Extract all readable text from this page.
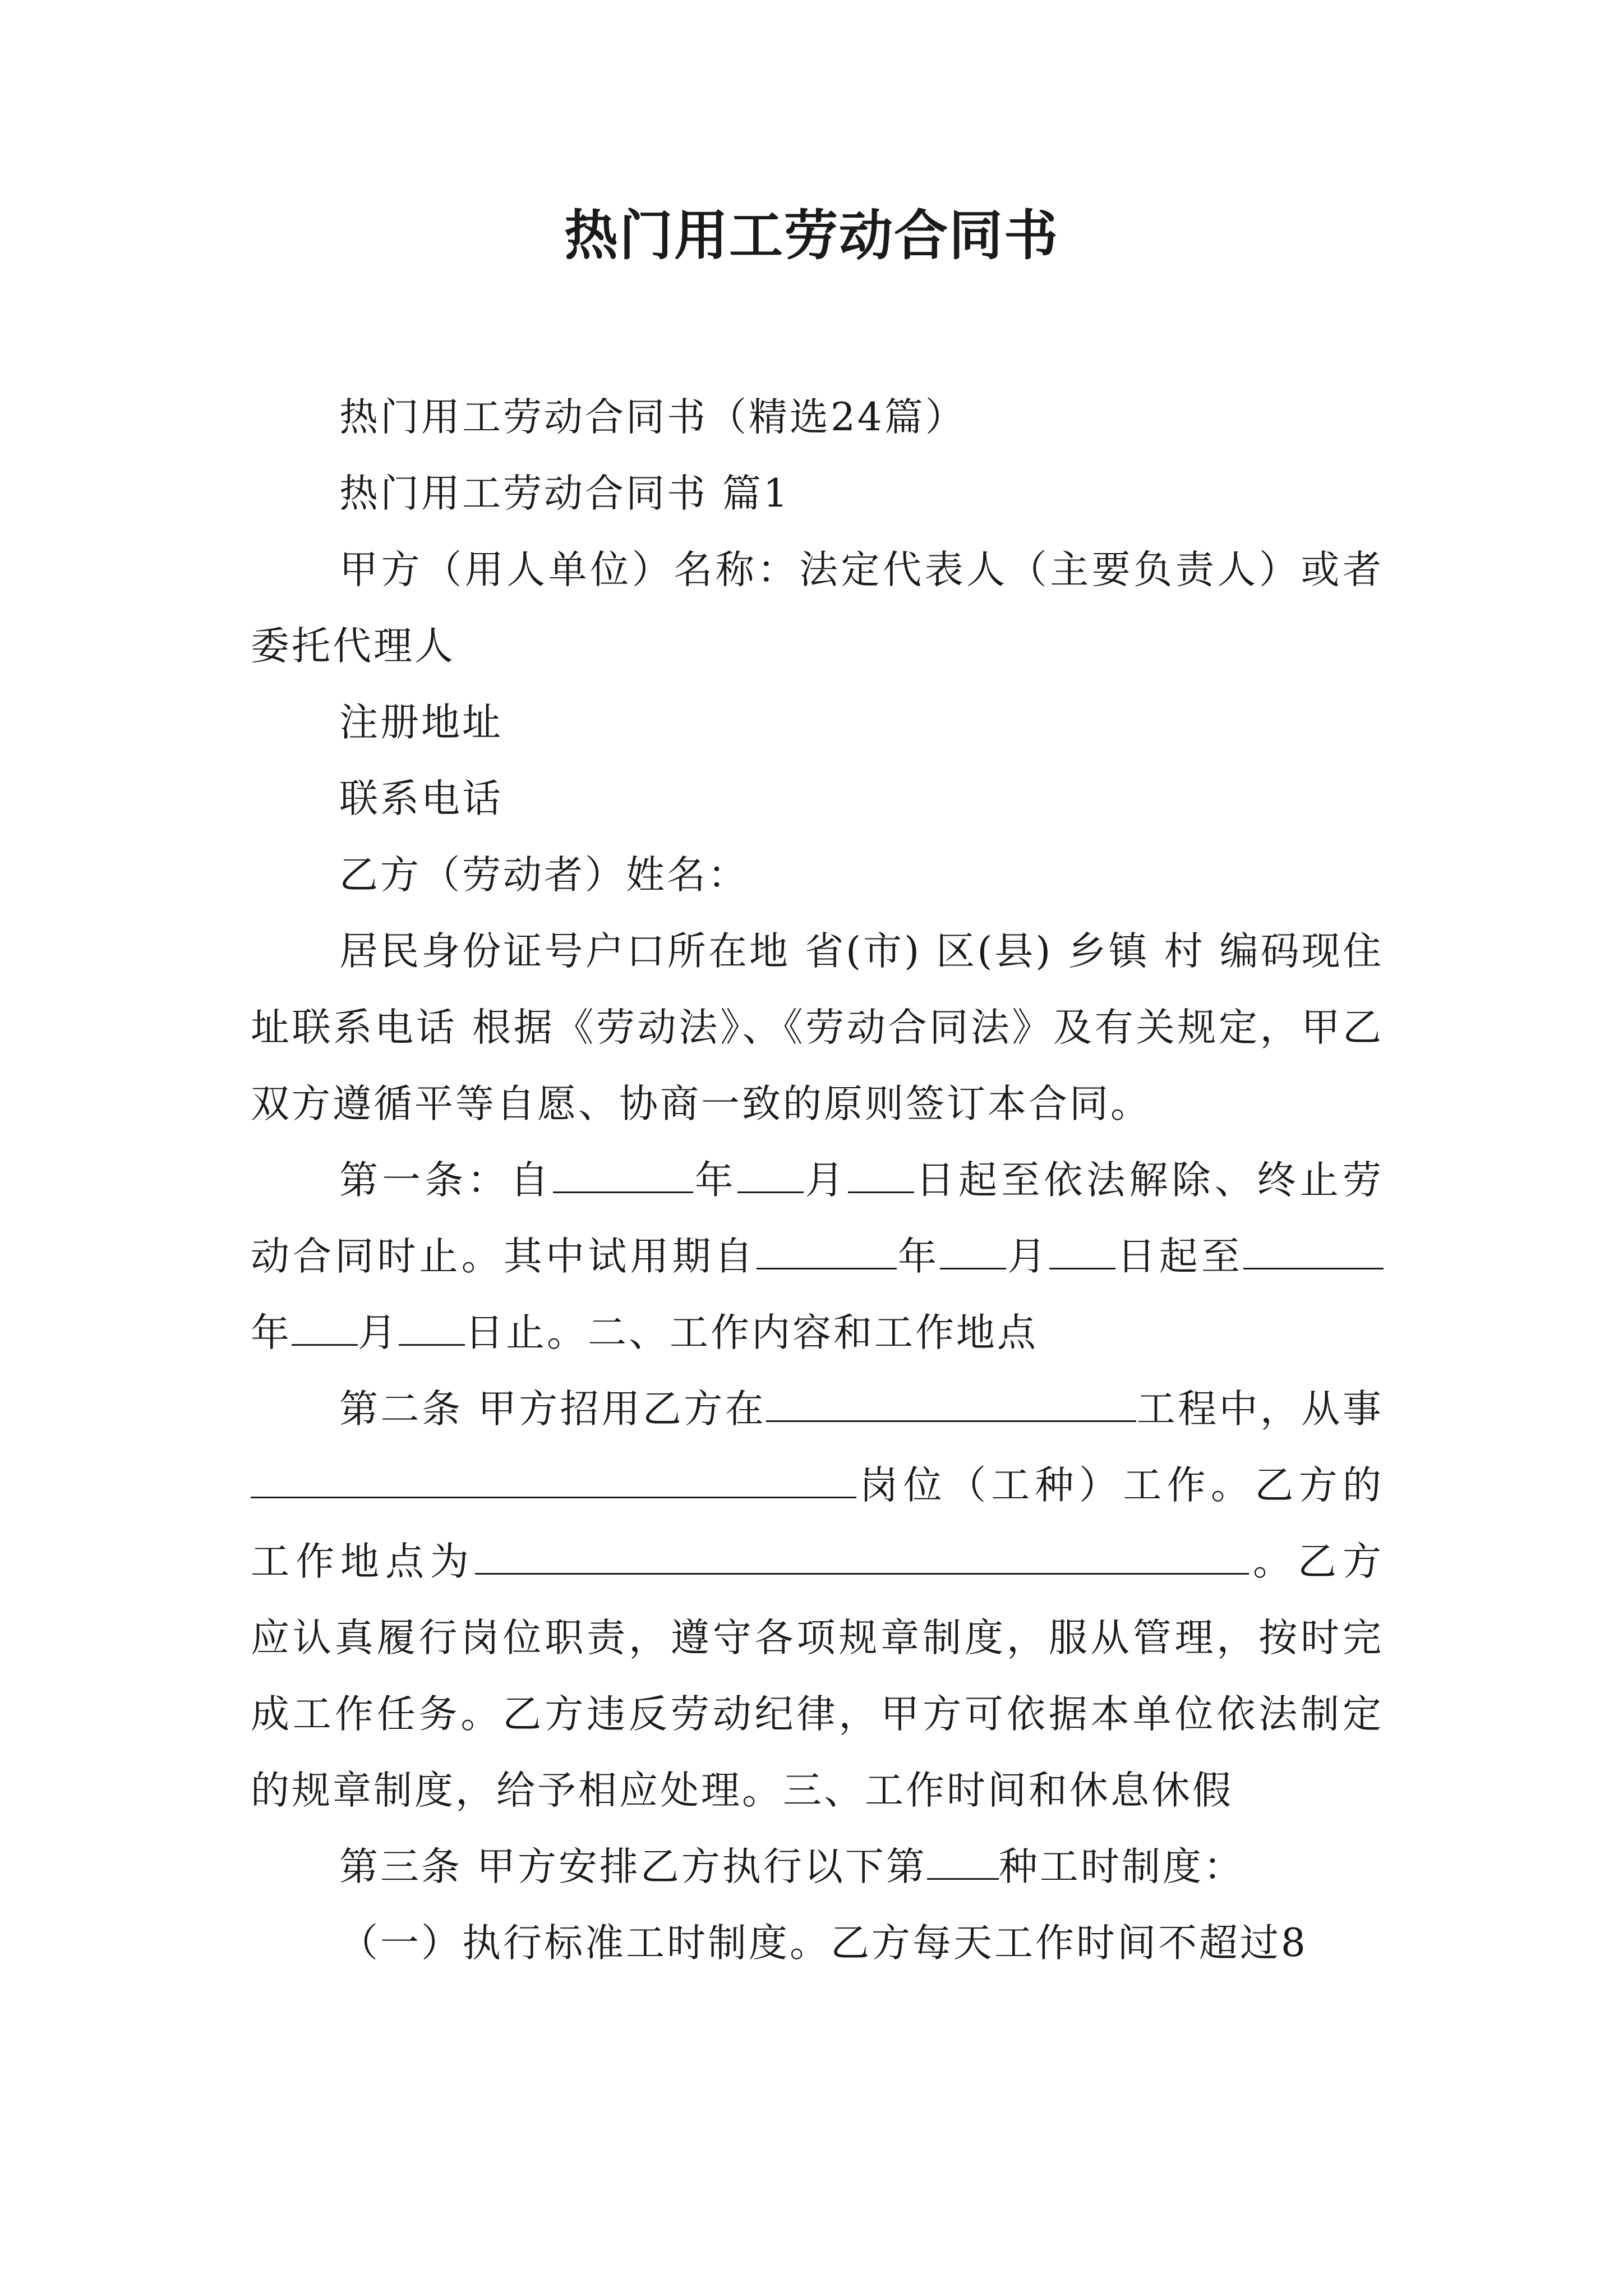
热门用工劳动合同书

热门用工劳动合同书（精选24篇）

热门用工劳动合同书 篇1

甲方（用人单位）名称：法定代表人（主要负责人）或者委托代理人

注册地址

联系电话

乙方（劳动者）姓名：

居民身份证号户口所在地 省(市) 区(县) 乡镇 村 编码现住址联系电话 根据《劳动法》、《劳动合同法》及有关规定，甲乙双方遵循平等自愿、协商一致的原则签订本合同。

第一条：自	年 月 日起至依法解除、终止劳动合同时止。其中试用期自	年 月 日起至年 月 日止。二、工作内容和工作地点

第二条 甲方招用乙方在	工程中，从事岗位（工种）工作。乙方的工作地点为	。乙方应认真履行岗位职责，遵守各项规章制度，服从管理，按时完成工作任务。乙方违反劳动纪律，甲方可依据本单位依法制定的规章制度，给予相应处理。三、工作时间和休息休假

第三条 甲方安排乙方执行以下第 种工时制度：

（一）执行标准工时制度。乙方每天工作时间不超过8
